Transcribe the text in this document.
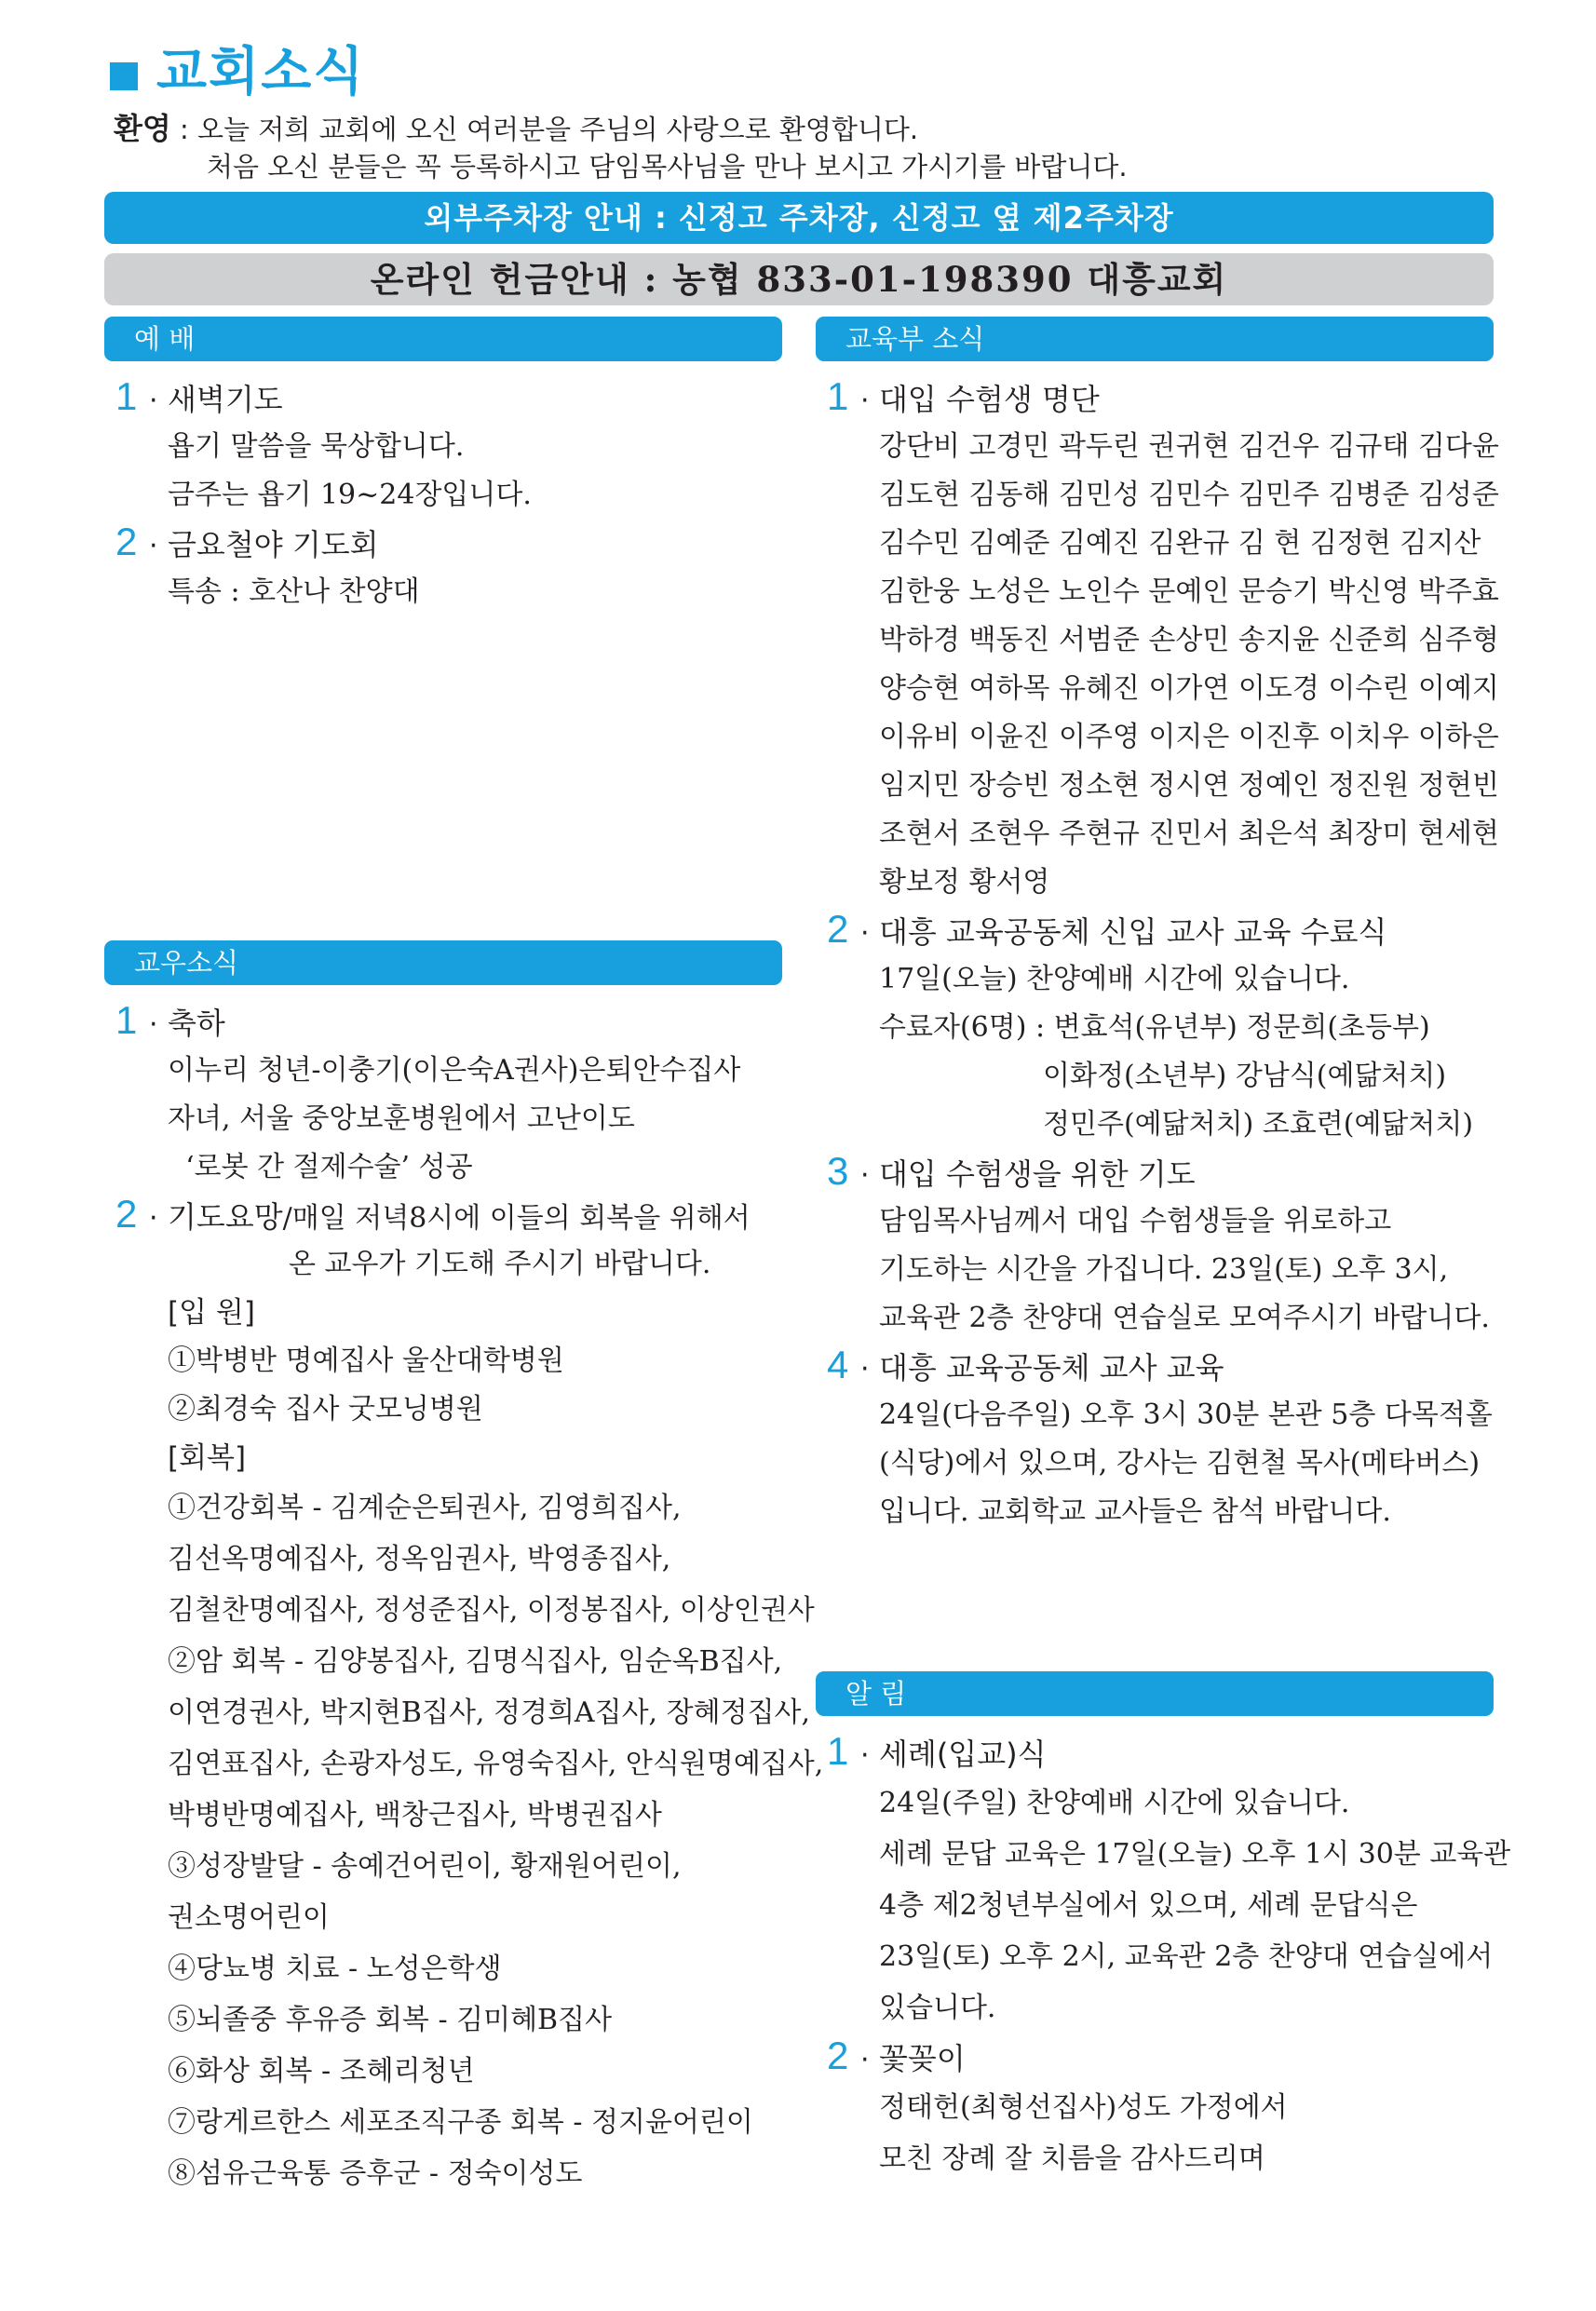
교회소식
환영 : 오늘 저희 교회에 오신 여러분을 주님의 사랑으로 환영합니다.
처음 오신 분들은 꼭 등록하시고 담임목사님을 만나 보시고 가시기를 바랍니다.
외부주차장 안내 : 신정고 주차장, 신정고 옆 제2주차장
온라인 헌금안내 : 농협 833-01-198390 대흥교회
예 배
1 · 새벽기도
욥기 말씀을 묵상합니다.
금주는 욥기 19~24장입니다.
2 · 금요철야 기도회
특송 : 호산나 찬양대
교우소식
1 · 축하
이누리 청년-이충기(이은숙A권사)은퇴안수집사
자녀, 서울 중앙보훈병원에서 고난이도
‘로봇 간 절제수술’ 성공
2 · 기도요망 /매일 저녁8시에 이들의 회복을 위해서
온 교우가 기도해 주시기 바랍니다.
[입 원]
①박병반 명예집사 울산대학병원
②최경숙 집사 굿모닝병원
[회복]
①건강회복 - 김계순은퇴권사, 김영희집사,
김선옥명예집사, 정옥임권사, 박영종집사,
김철찬명예집사, 정성준집사, 이정봉집사, 이상인권사
②암 회복 - 김양봉집사, 김명식집사, 임순옥B집사,
이연경권사, 박지현B집사, 정경희A집사, 장혜정집사,
김연표집사, 손광자성도, 유영숙집사, 안식원명예집사,
박병반명예집사, 백창근집사, 박병권집사
③성장발달 - 송예건어린이, 황재원어린이,
권소명어린이
④당뇨병 치료 - 노성은학생
⑤뇌졸중 후유증 회복 - 김미혜B집사
⑥화상 회복 - 조혜리청년
⑦랑게르한스 세포조직구종 회복 - 정지윤어린이
⑧섬유근육통 증후군 - 정숙이성도
교육부 소식
1 · 대입 수험생 명단
강단비 고경민 곽두린 권귀현 김건우 김규태 김다윤
김도현 김동해 김민성 김민수 김민주 김병준 김성준
김수민 김예준 김예진 김완규 김 현 김정현 김지산
김한웅 노성은 노인수 문예인 문승기 박신영 박주효
박하경 백동진 서범준 손상민 송지윤 신준희 심주형
양승현 여하목 유혜진 이가연 이도경 이수린 이예지
이유비 이윤진 이주영 이지은 이진후 이치우 이하은
임지민 장승빈 정소현 정시연 정예인 정진원 정현빈
조현서 조현우 주현규 진민서 최은석 최장미 현세현
황보정 황서영
2 · 대흥 교육공동체 신입 교사 교육 수료식
17일(오늘) 찬양예배 시간에 있습니다.
수료자(6명) : 변효석(유년부) 정문희(초등부)
이화정(소년부) 강남식(예닮처치)
정민주(예닮처치) 조효련(예닮처치)
3 · 대입 수험생을 위한 기도
담임목사님께서 대입 수험생들을 위로하고
기도하는 시간을 가집니다. 23일(토) 오후 3시,
교육관 2층 찬양대 연습실로 모여주시기 바랍니다.
4 · 대흥 교육공동체 교사 교육
24일(다음주일) 오후 3시 30분 본관 5층 다목적홀
(식당)에서 있으며, 강사는 김현철 목사(메타버스)
입니다. 교회학교 교사들은 참석 바랍니다.
알 림
1 · 세례(입교)식
24일(주일) 찬양예배 시간에 있습니다.
세례 문답 교육은 17일(오늘) 오후 1시 30분 교육관
4층 제2청년부실에서 있으며, 세례 문답식은
23일(토) 오후 2시, 교육관 2층 찬양대 연습실에서
있습니다.
2 · 꽃꽂이
정태헌(최형선집사)성도 가정에서
모친 장례 잘 치름을 감사드리며
